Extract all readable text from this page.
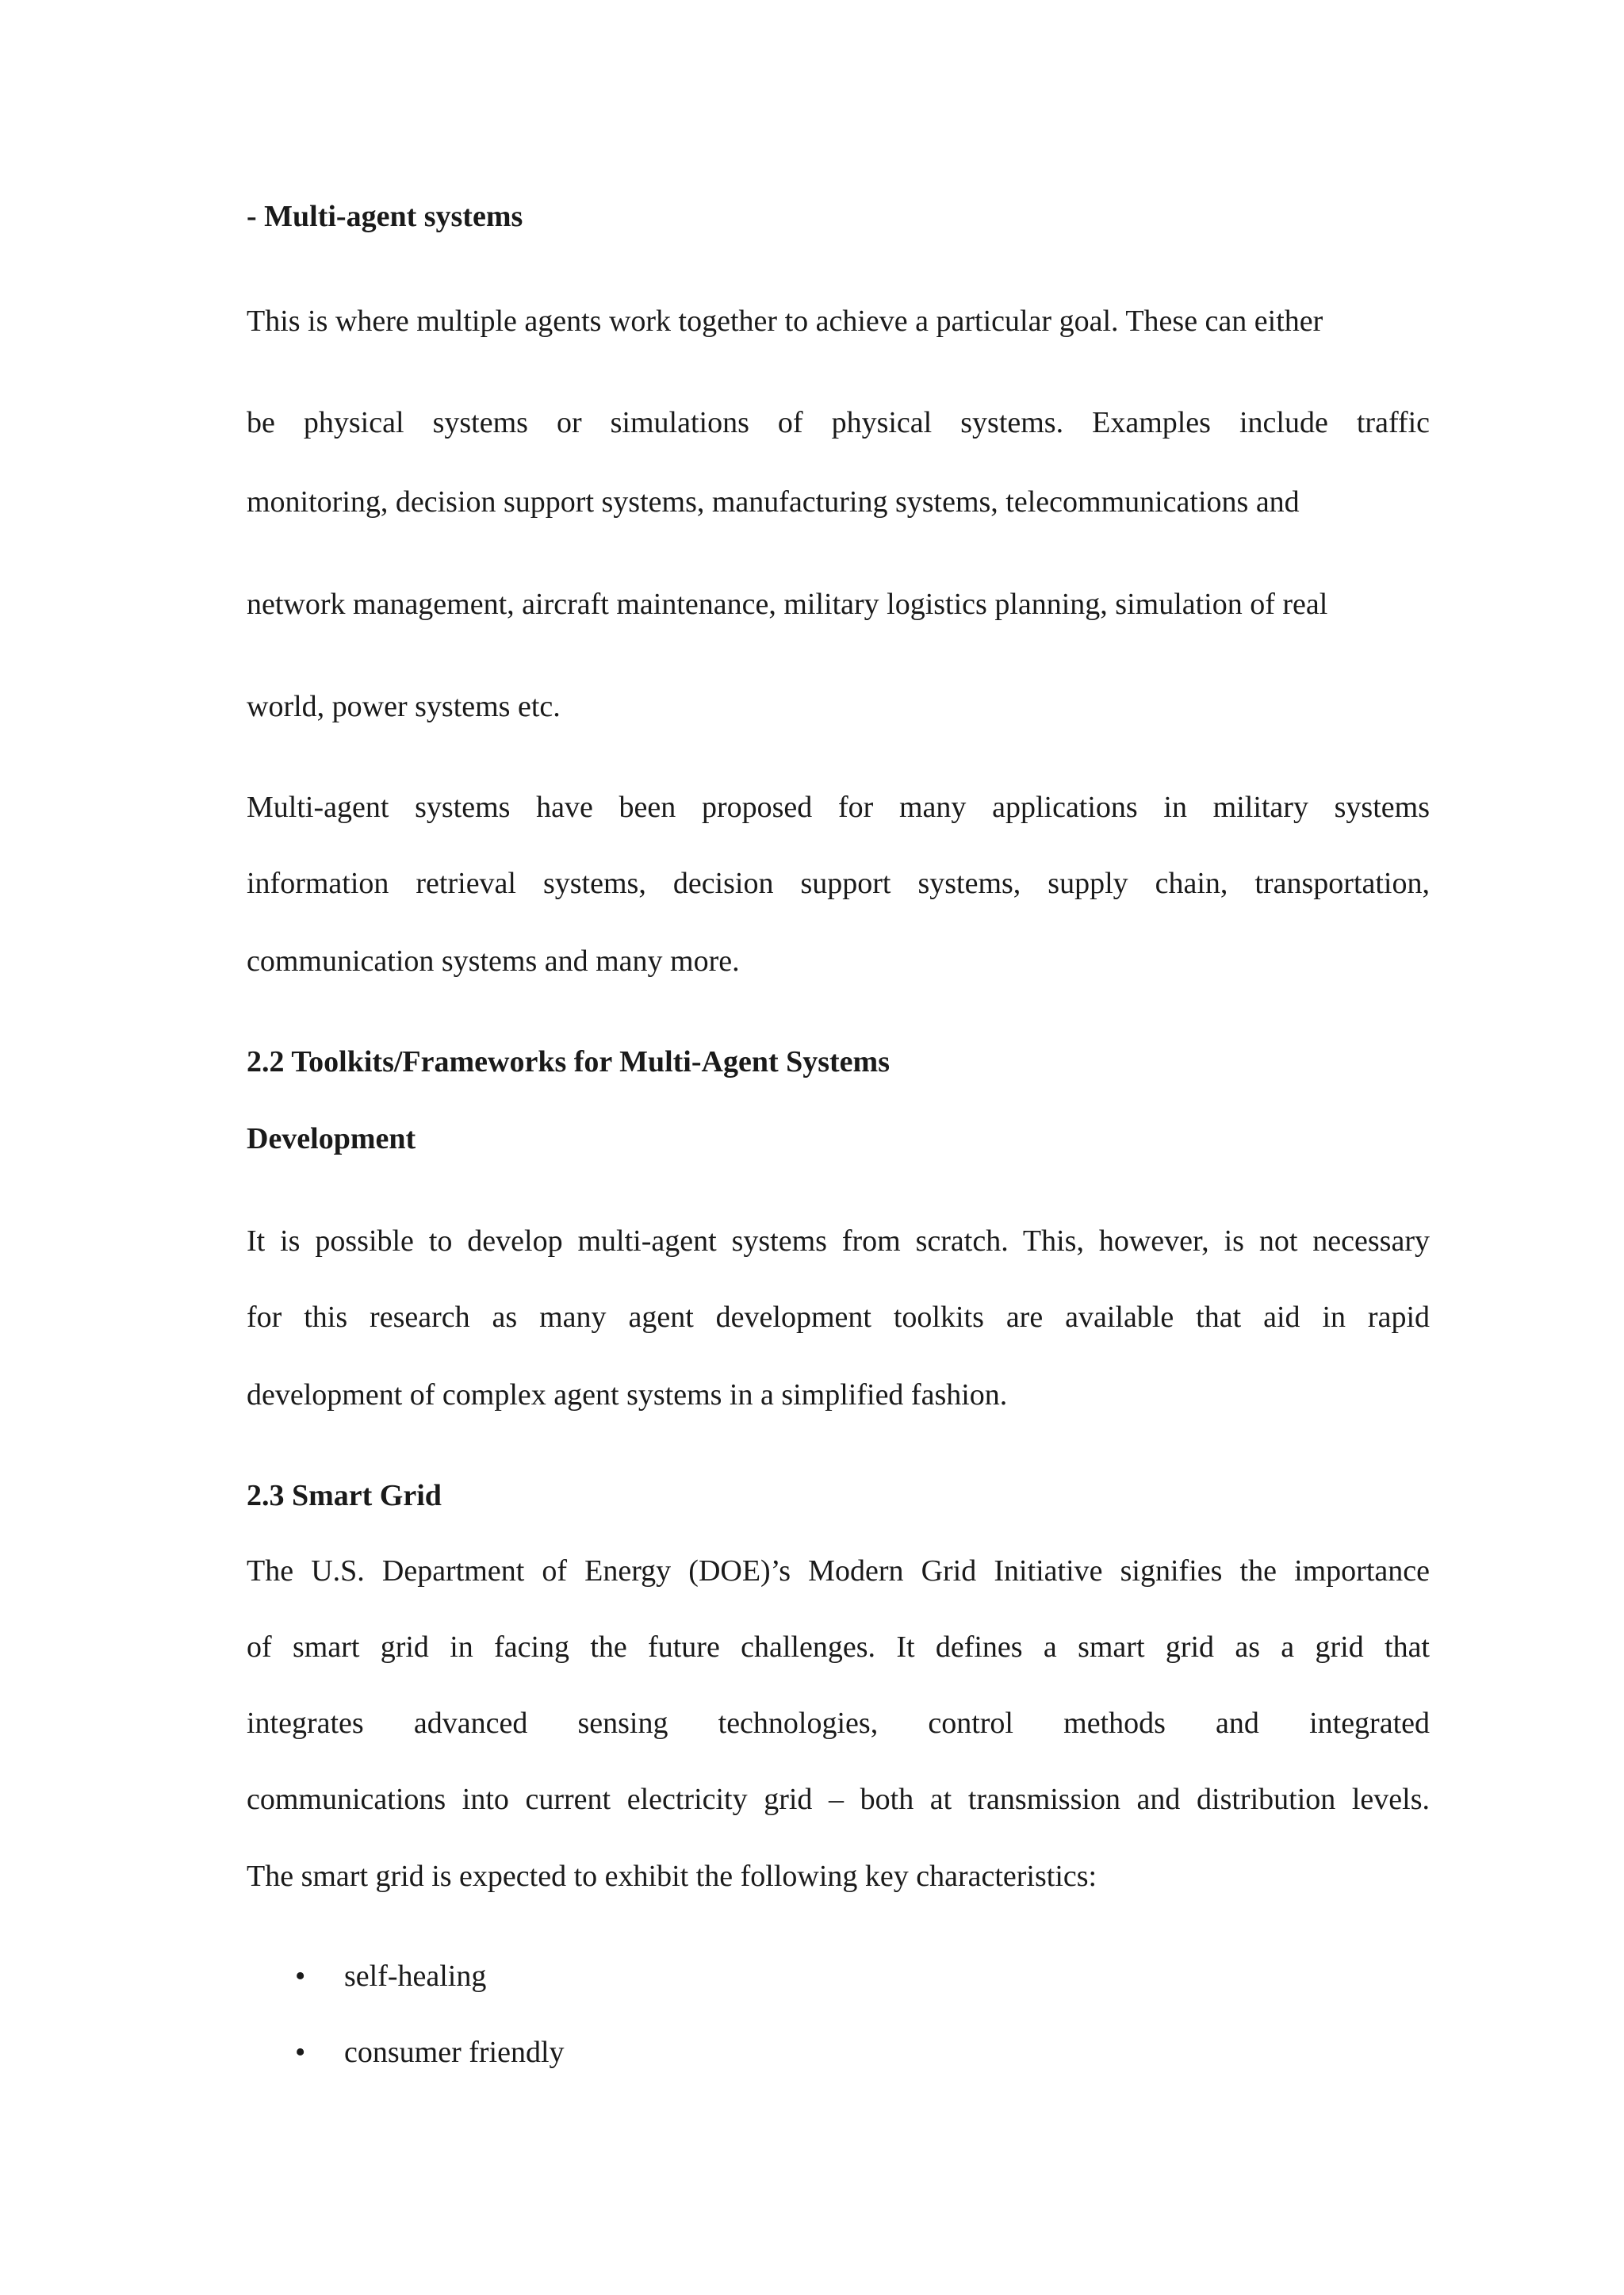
- Multi-agent systems
This is where multiple agents work together to achieve a particular goal. These can either
be physical systems or simulations of physical systems. Examples include traffic
monitoring, decision support systems, manufacturing systems, telecommunications and
network management, aircraft maintenance, military logistics planning, simulation of real
world, power systems etc.
Multi-agent systems have been proposed for many applications in military systems
information retrieval systems, decision support systems, supply chain, transportation,
communication systems and many more.
2.2 Toolkits/Frameworks for Multi-Agent Systems
Development
It is possible to develop multi-agent systems from scratch. This, however, is not necessary
for this research as many agent development toolkits are available that aid in rapid
development of complex agent systems in a simplified fashion.
2.3 Smart Grid
The U.S. Department of Energy (DOE)’s Modern Grid Initiative signifies the importance
of smart grid in facing the future challenges. It defines a smart grid as a grid that
integrates advanced sensing technologies, control methods and integrated
communications into current electricity grid – both at transmission and distribution levels.
The smart grid is expected to exhibit the following key characteristics:
• self-healing
• consumer friendly
